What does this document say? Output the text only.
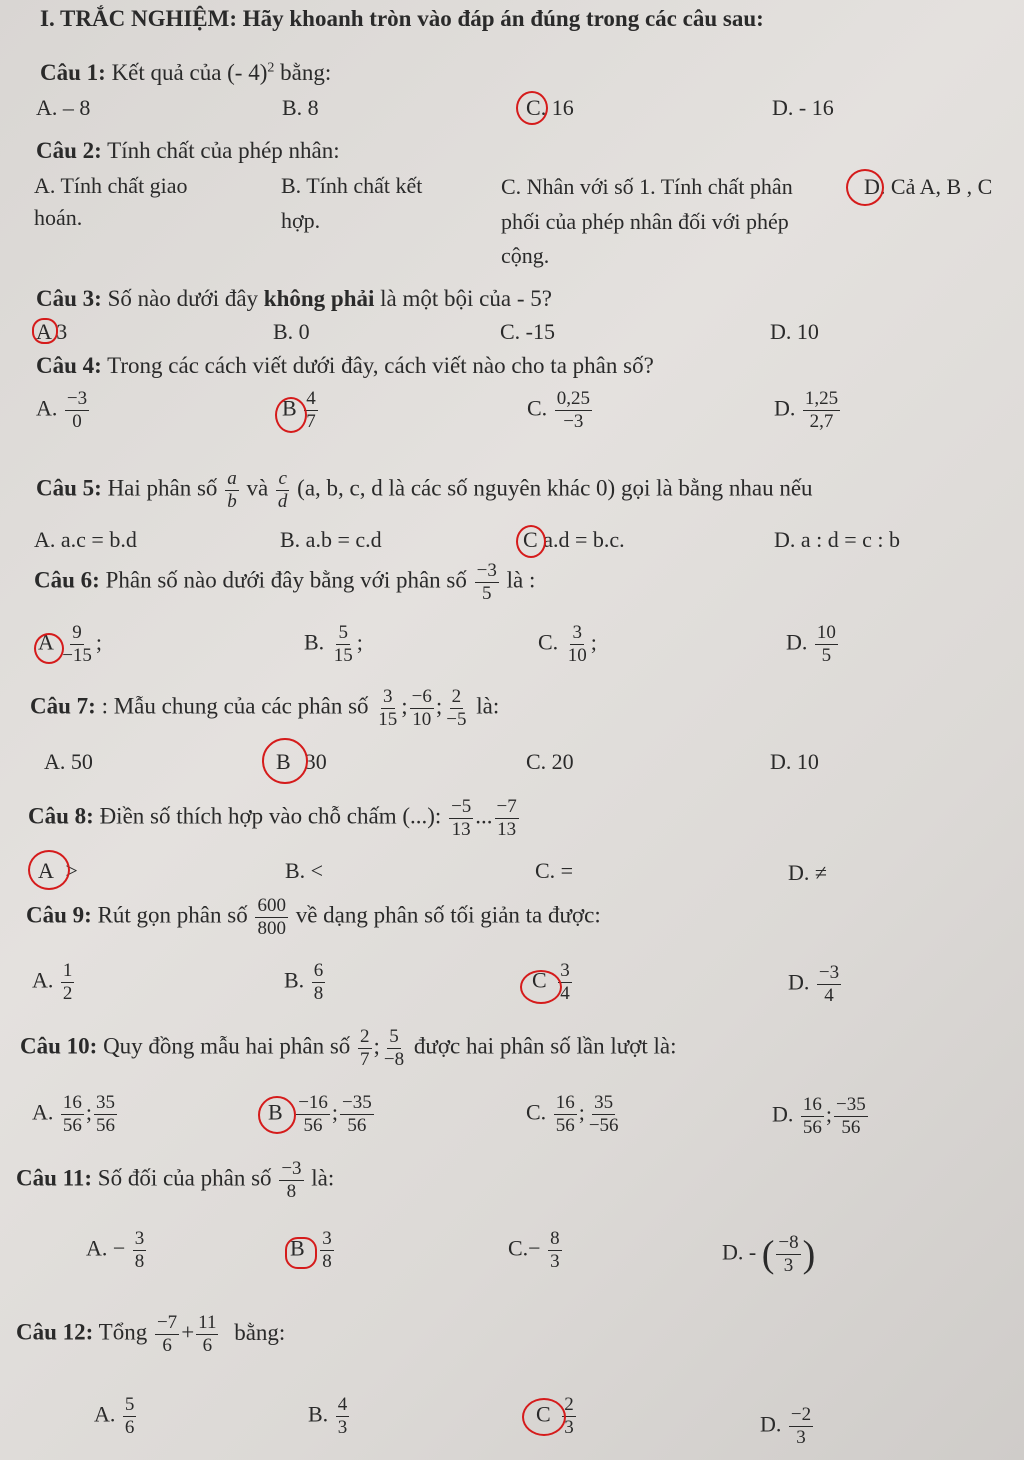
I. TRẮC NGHIỆM: Hãy khoanh tròn vào đáp án đúng trong các câu sau:
Câu 1: Kết quả của (- 4)$^2$ bằng:
A. – 8	B. 8	C. 16	D. - 16
Câu 2: Tính chất của phép nhân:
A. Tính chất giao
hoán.
B. Tính chất kết
hợp.
C. Nhân với số 1. Tính chất phân
phối của phép nhân đối với phép
cộng.
D. Cả A, B , C
Câu 3: Số nào dưới đây không phải là một bội của - 5?
A 3	B. 0	C. -15	D. 10
Câu 4: Trong các cách viết dưới đây, cách viết nào cho ta phân số?
A. $\frac{-3}{0}$	B $\frac{4}{7}$	C. $\frac{0,25}{-3}$	D. $\frac{1,25}{2,7}$
Câu 5: Hai phân số $\frac{a}{b}$ và $\frac{c}{d} (a$, b, c, d là các số nguyên khác 0) gọi là bằng nhau nếu
A. a.c = b.d	B. a.b = c.d	C a.d = b.c.	D. a : d = c : b
Câu 6: Phân số nào dưới đây bằng với phân số $\frac{-3}{5}$ là :
A $\frac{9}{-15}$ ;	B. $\frac{5}{15}$ ;	C. $\frac{3}{10}$ ;	D. $\frac{10}{5}$
Câu 7: : Mẫu chung của các phân số $\frac{3}{15}$ ; $\frac{-6}{10}$ ; $\frac{2}{-5}$ là:
A. 50	B 30	C. 20	D. 10
Câu 8: Điền số thích hợp vào chỗ chấm (...): $\frac{-5}{13}$ ... $\frac{-7}{13}$
A >	B. <	C. =	D. ≠
Câu 9: Rút gọn phân số $\frac{600}{800}$ về dạng phân số tối giản ta được:
A. $\frac{1}{2}$	B. $\frac{6}{8}$	C $\frac{3}{4}$	D. $\frac{-3}{4}$
Câu 10: Quy đồng mẫu hai phân số $\frac{2}{7}$ ; $\frac{5}{-8}$ được hai phân số lần lượt là:
A. $\frac{16}{56}$ ; $\frac{35}{56}$	B $\frac{-16}{56}$ ; $\frac{-35}{56}$	C. $\frac{16}{56}$ ; $\frac{35}{-56}$	D. $\frac{16}{56}$ ; $\frac{-35}{56}$
Câu 11: Số đối của phân số $\frac{-3}{8}$ là:
A. − $\frac{3}{8}$	B $\frac{3}{8}$	$C.- \frac{8}{3}$	D. - ( $\frac{-8}{3}$ )
Câu 12: Tổng $\frac{-7}{6} + \frac{11}{6}$ bằng:
A. $\frac{5}{6}$	B. $\frac{4}{3}$	C $\frac{2}{3}$	D. $\frac{-2}{3}$
